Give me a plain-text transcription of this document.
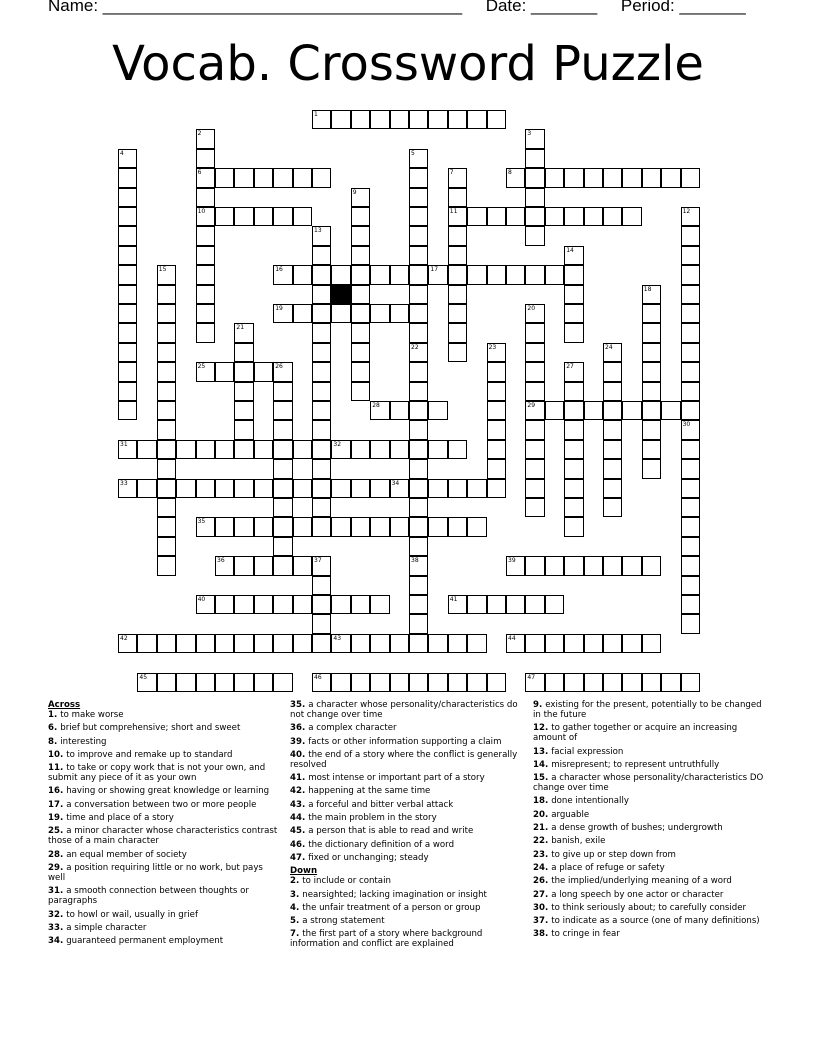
Name: ______________________________________ Date: _______ Period: _______
Vocab. Crossword Puzzle
1
2
6
10
3
4	5
22
7
11
8
9
12
13
14
15	16	17
18
19	20
29
21
38
23	24
25	26	27
28
30
31	32
33	34
35
36	37	39
40	41
42	43	44
45	46	47
Across
1. to make worse
6. brief but comprehensive; short and sweet
8. interesting
10. to improve and remake up to standard
11. to take or copy work that is not your own, and submit any piece of it as your own
16. having or showing great knowledge or learning
17. a conversation between two or more people
19. time and place of a story
25. a minor character whose characteristics contrast those of a main character
28. an equal member of society
29. a position requiring little or no work, but pays well
31. a smooth connection between thoughts or paragraphs
32. to howl or wail, usually in grief
33. a simple character
34. guaranteed permanent employment
35. a character whose personality/characteristics do not change over time
36. a complex character
39. facts or other information supporting a claim
40. the end of a story where the conflict is generally resolved
41. most intense or important part of a story
42. happening at the same time
43. a forceful and bitter verbal attack
44. the main problem in the story
45. a person that is able to read and write
46. the dictionary definition of a word
47. fixed or unchanging; steady
Down
2. to include or contain
3. nearsighted; lacking imagination or insight
4. the unfair treatment of a person or group
5. a strong statement
7. the first part of a story where background information and conflict are explained
9. existing for the present, potentially to be changed in the future
12. to gather together or acquire an increasing amount of
13. facial expression
14. misrepresent; to represent untruthfully
15. a character whose personality/characteristics DO change over time
18. done intentionally
20. arguable
21. a dense growth of bushes; undergrowth
22. banish, exile
23. to give up or step down from
24. a place of refuge or safety
26. the implied/underlying meaning of a word
27. a long speech by one actor or character
30. to think seriously about; to carefully consider
37. to indicate as a source (one of many definitions)
38. to cringe in fear
